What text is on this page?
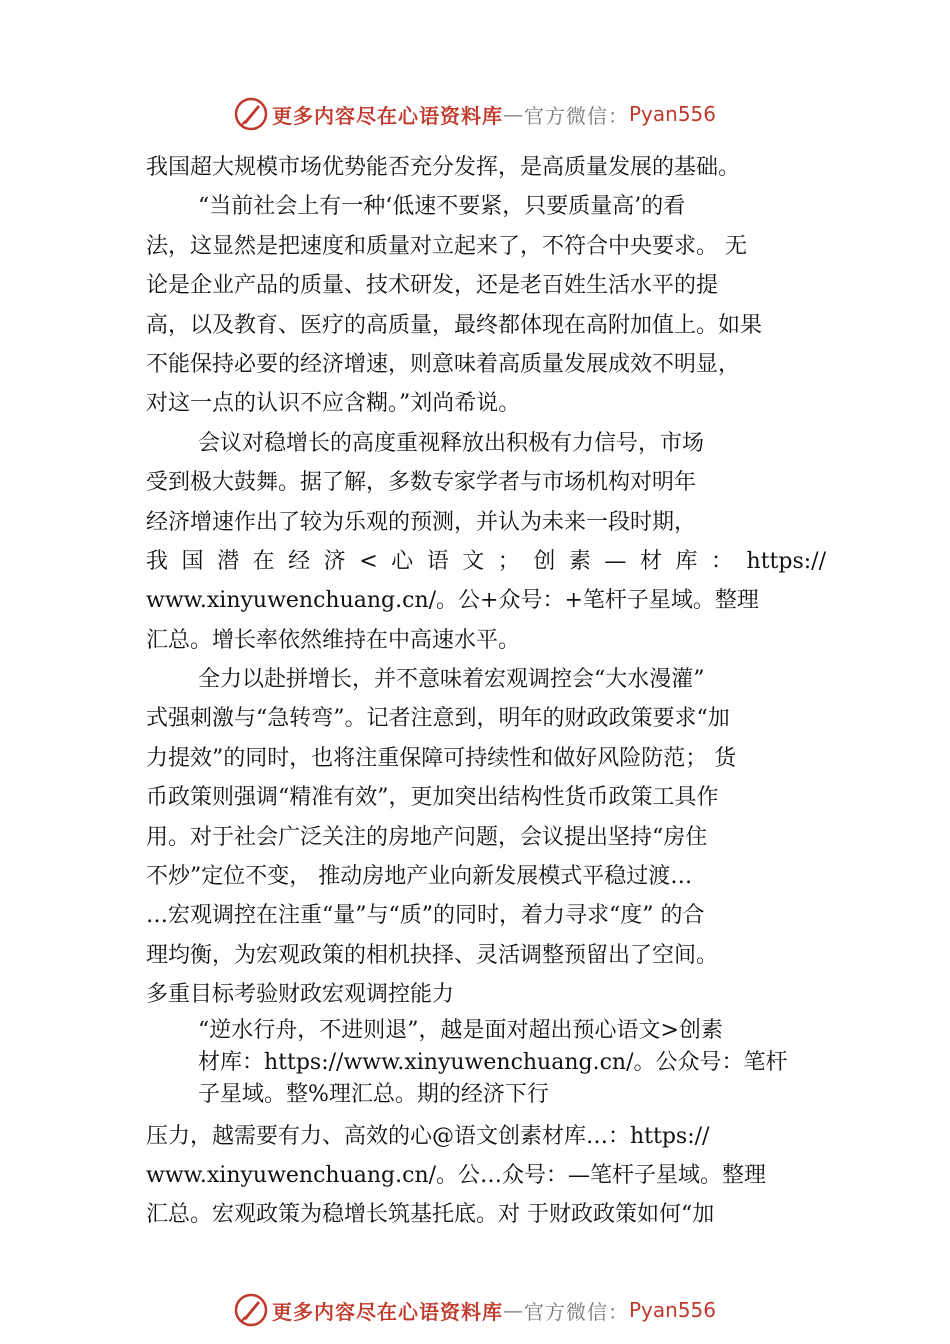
更多内容尽在心语资料库 — 官方微信： Pyan556
我国超大规模市场优势能否充分发挥，是高质量发展的基础。
“当前社会上有一种‘低速不要紧，只要质量高’的看
法，这显然是把速度和质量对立起来了，不符合中央要求。 无
论是企业产品的质量、技术研发，还是老百姓生活水平的提
高，以及教育、医疗的高质量，最终都体现在高附加值上。如果
不能保持必要的经济增速，则意味着高质量发展成效不明显，
对这一点的认识不应含糊。”刘尚希说。
会议对稳增长的高度重视释放出积极有力信号，市场
受到极大鼓舞。据了解，多数专家学者与市场机构对明年
经济增速作出了较为乐观的预测，并认为未来一段时期，
我国潜在经济<心语文；创素—材库：https://
www.xinyuwenchuang.cn/。公+众号：+笔杆子星域。整理
汇总。增长率依然维持在中高速水平。
全力以赴拼增长，并不意味着宏观调控会“大水漫灌”
式强刺激与“急转弯”。记者注意到，明年的财政政策要求“加
力提效”的同时，也将注重保障可持续性和做好风险防范； 货
币政策则强调“精准有效”，更加突出结构性货币政策工具作
用。对于社会广泛关注的房地产问题，会议提出坚持“房住
不炒”定位不变， 推动房地产业向新发展模式平稳过渡…
…宏观调控在注重“量”与“质”的同时，着力寻求“度” 的合
理均衡，为宏观政策的相机抉择、灵活调整预留出了空间。
多重目标考验财政宏观调控能力
“逆水行舟，不进则退”，越是面对超出预心语文>创素
材库：https://www.xinyuwenchuang.cn/。公众号：笔杆
子星域。整%理汇总。期的经济下行
压力，越需要有力、高效的心@语文创素材库…：https://
www.xinyuwenchuang.cn/。公…众号：—笔杆子星域。整理
汇总。宏观政策为稳增长筑基托底。对 于财政政策如何“加
更多内容尽在心语资料库 — 官方微信： Pyan556
